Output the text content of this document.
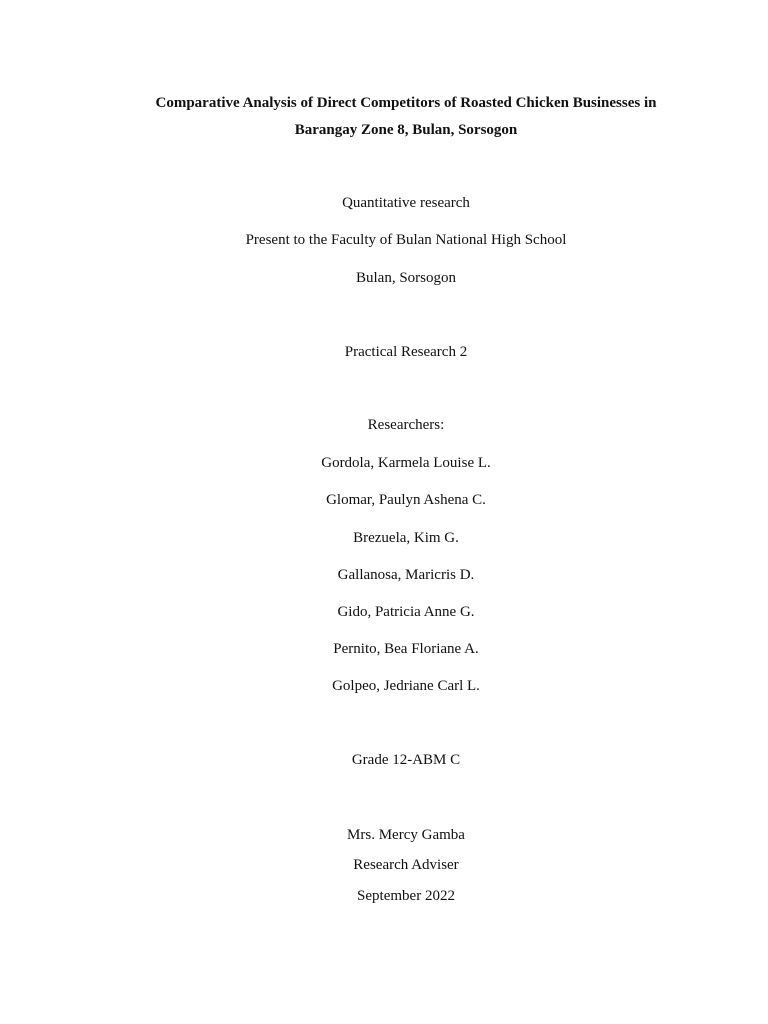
Comparative Analysis of Direct Competitors of Roasted Chicken Businesses in
Barangay Zone 8, Bulan, Sorsogon
Quantitative research
Present to the Faculty of Bulan National High School
Bulan, Sorsogon
Practical Research 2
Researchers:
Gordola, Karmela Louise L.
Glomar, Paulyn Ashena C.
Brezuela, Kim G.
Gallanosa, Maricris D.
Gido, Patricia Anne G.
Pernito, Bea Floriane A.
Golpeo, Jedriane Carl L.
Grade 12-ABM C
Mrs. Mercy Gamba
Research Adviser
September 2022
